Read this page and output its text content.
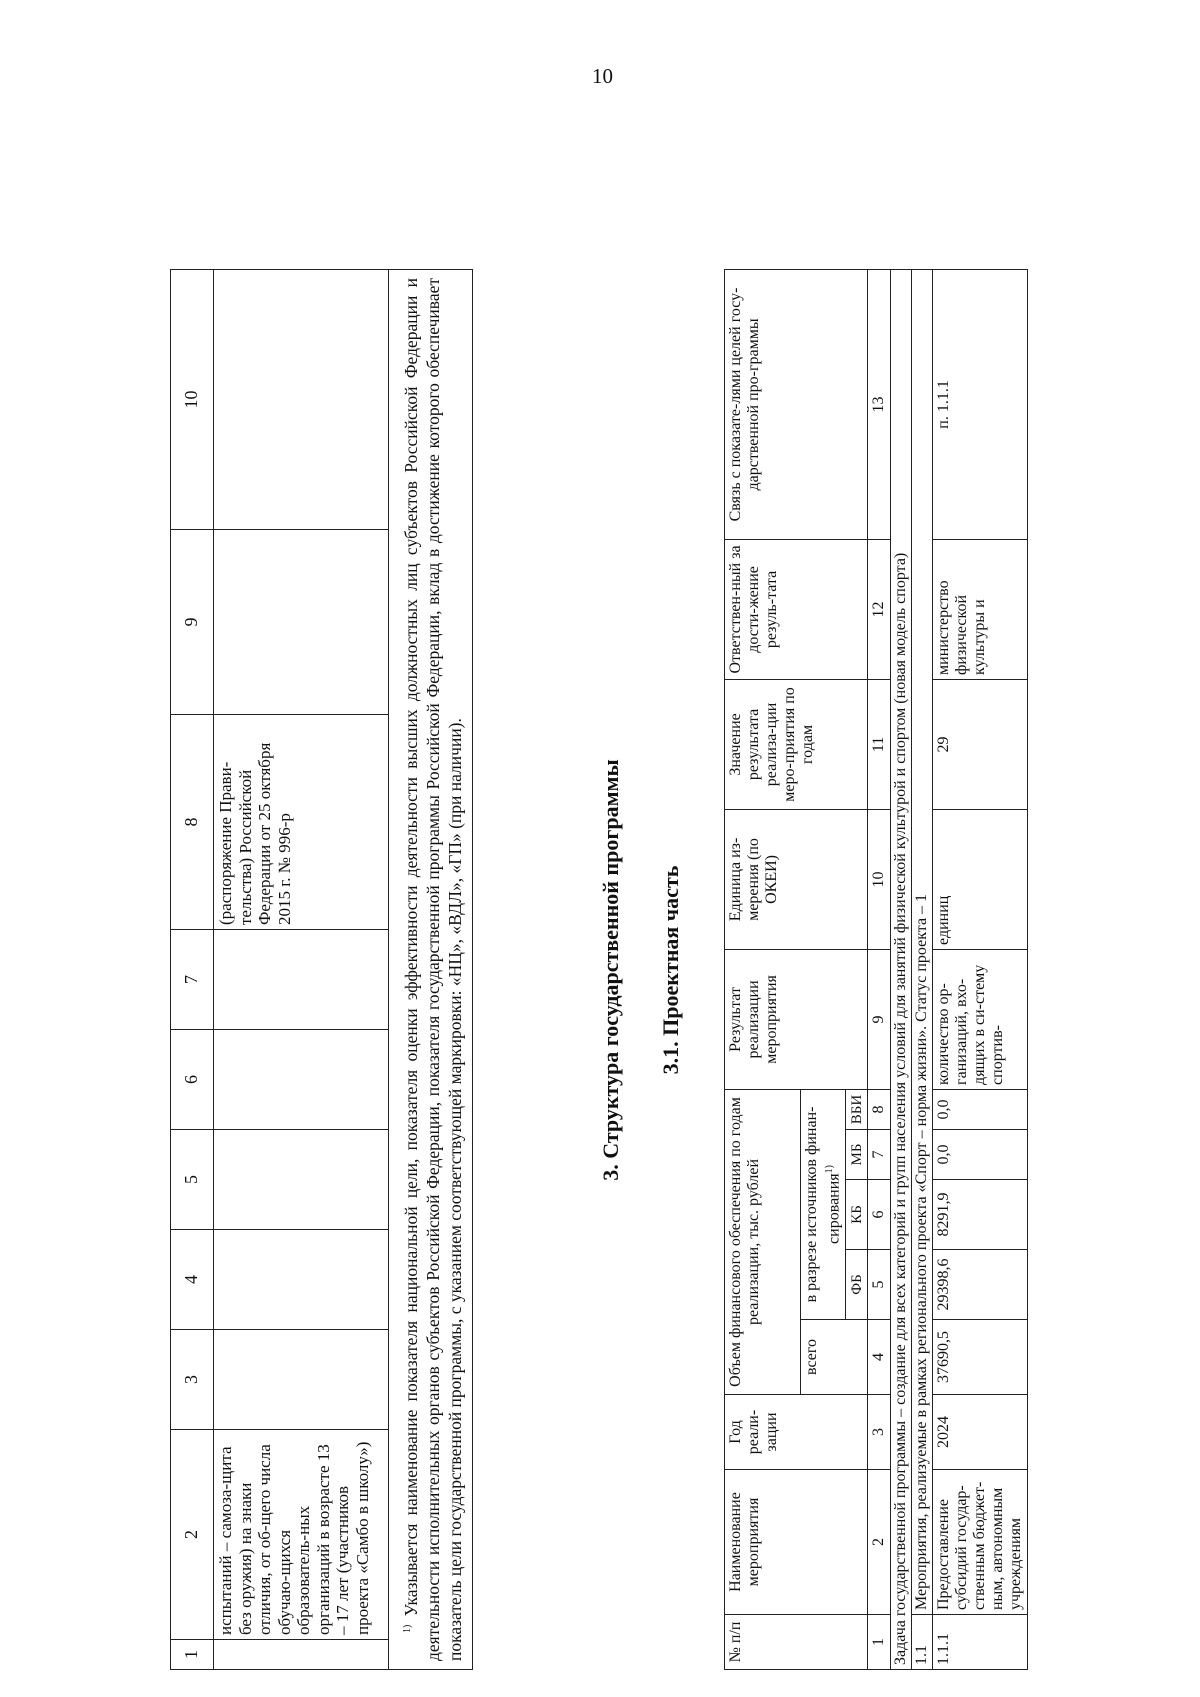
10
1	2	3	4	5	6	7	8	9	10
	испытаний – самоза-щита без оружия) на знаки отличия, от об-щего числа обучаю-щихся образователь-ных организаций в возрасте 13 – 17 лет (участников проекта «Самбо в школу»)						(распоряжение Прави-тельства) Российской Федерации от 25 октября 2015 г. № 996-р		
$^{1)}$ Указывается наименование показателя национальной цели, показателя оценки эффективности деятельности высших должностных лиц субъектов Российской Федерации и деятельности исполнительных органов субъектов Российской Федерации, показателя государственной программы Российской Федерации, вклад в достижение которого обеспечивает показатель цели государственной программы, с указанием соответствующей маркировки: «НЦ», «ВДЛ», «ГП» (при наличии).										3. Структура государственной программы 3.1. Проектная часть
№ п/п	Наименование мероприятия	Год реали-зации	Объем финансового обеспечения по годам реализации, тыс. рублей					Результат реализации мероприятия	Единица из-мерения (по ОКЕИ)	Значение результата реализа-ции меро-приятия по годам	Ответствен-ный за дости-жение резуль-тата	Связь с показате-лями целей госу-дарственной про-граммы
			всего	в разрезе источников финан-сирования$^{1)}$
				ФБ	КБ	МБ	ВБИ					
1	2	3	4	5	6	7	8	9	10	11	12	13
Задача государственной программы – создание для всех категорий и групп населения условий для занятий физической культурой и спортом (новая модель спорта)												
1.1	Мероприятия, реализуемые в рамках регионального проекта «Спорт – норма жизни». Статус проекта – 1											
1.1.1	Предоставление субсидий государ-ственным бюджет-ным, автономным учреждениям	2024	37690,5	29398,6	8291,9	0,0	0,0	количество ор-ганизаций, вхо-дящих в си-стему спортив-	единиц	29	министерство физической культуры и	п. 1.1.1
